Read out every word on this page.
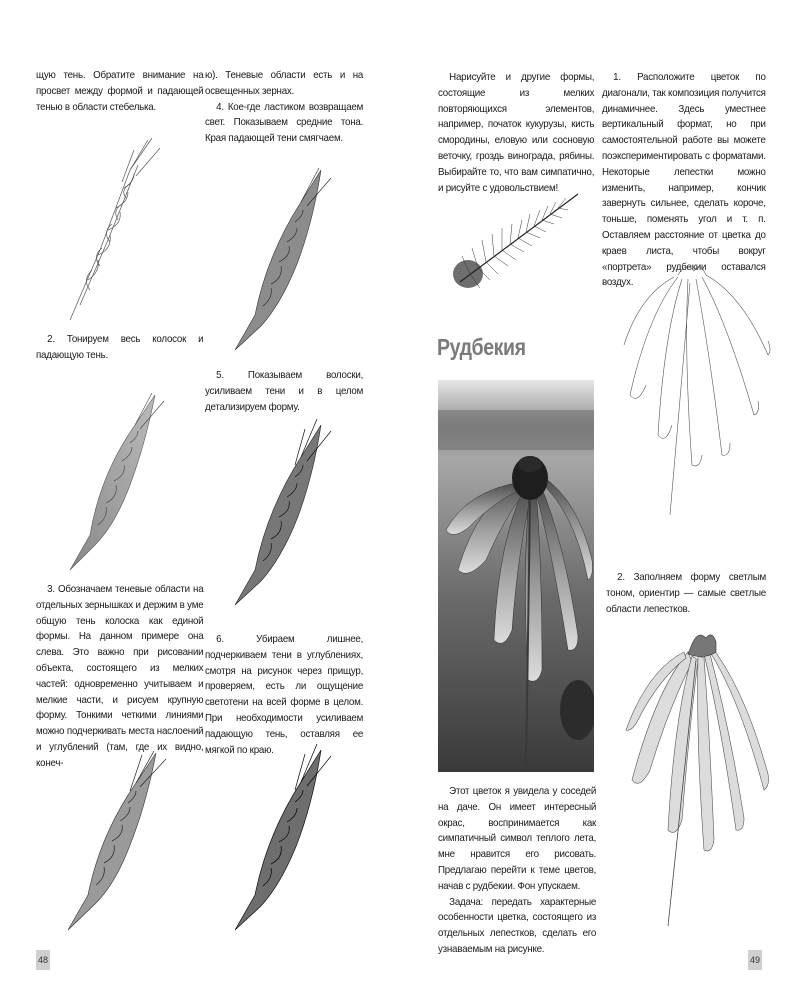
щую тень. Обратите внимание на просвет между формой и падающей тенью в области стебелька.

ю). Теневые области есть и на освещенных зернах.

4. Кое-где ластиком возвращаем свет. Показываем средние тона. Края падающей тени смягчаем.

2. Тонируем весь колосок и падающую тень.

5. Показываем волоски, усиливаем тени и в целом детализируем форму.

3. Обозначаем теневые области на отдельных зернышках и держим в уме общую тень колоска как единой формы. На данном примере она слева. Это важно при рисовании объекта, состоящего из мелких частей: одновременно учитываем и мелкие части, и рисуем крупную форму. Тонкими четкими линиями можно подчеркивать места наслоений и углублений (там, где их видно, конеч-

6. Убираем лишнее, подчеркиваем тени в углублениях, смотря на рисунок через прищур, проверяем, есть ли ощущение светотени на всей форме в целом. При необходимости усиливаем падающую тень, оставляя ее мягкой по краю.

48

Нарисуйте и другие формы, состоящие из мелких повторяющихся элементов, например, початок кукурузы, кисть смородины, еловую или сосновую веточку, гроздь винограда, рябины. Выбирайте то, что вам симпатично, и рисуйте с удовольствием!

1. Расположите цветок по диагонали, так композиция получится динамичнее. Здесь уместнее вертикальный формат, но при самостоятельной работе вы можете поэкспериментировать с форматами. Некоторые лепестки можно изменить, например, кончик завернуть сильнее, сделать короче, тоньше, поменять угол и т. п. Оставляем расстояние от цветка до краев листа, чтобы вокруг «портрета» рудбекии оставался воздух.

Рудбекия

Этот цветок я увидела у соседей на даче. Он имеет интересный окрас, воспринимается как симпатичный символ теплого лета, мне нравится его рисовать. Предлагаю перейти к теме цветов, начав с рудбекии. Фон упускаем.

Задача: передать характерные особенности цветка, состоящего из отдельных лепестков, сделать его узнаваемым на рисунке.

2. Заполняем форму светлым тоном, ориентир — самые светлые области лепестков.

49
